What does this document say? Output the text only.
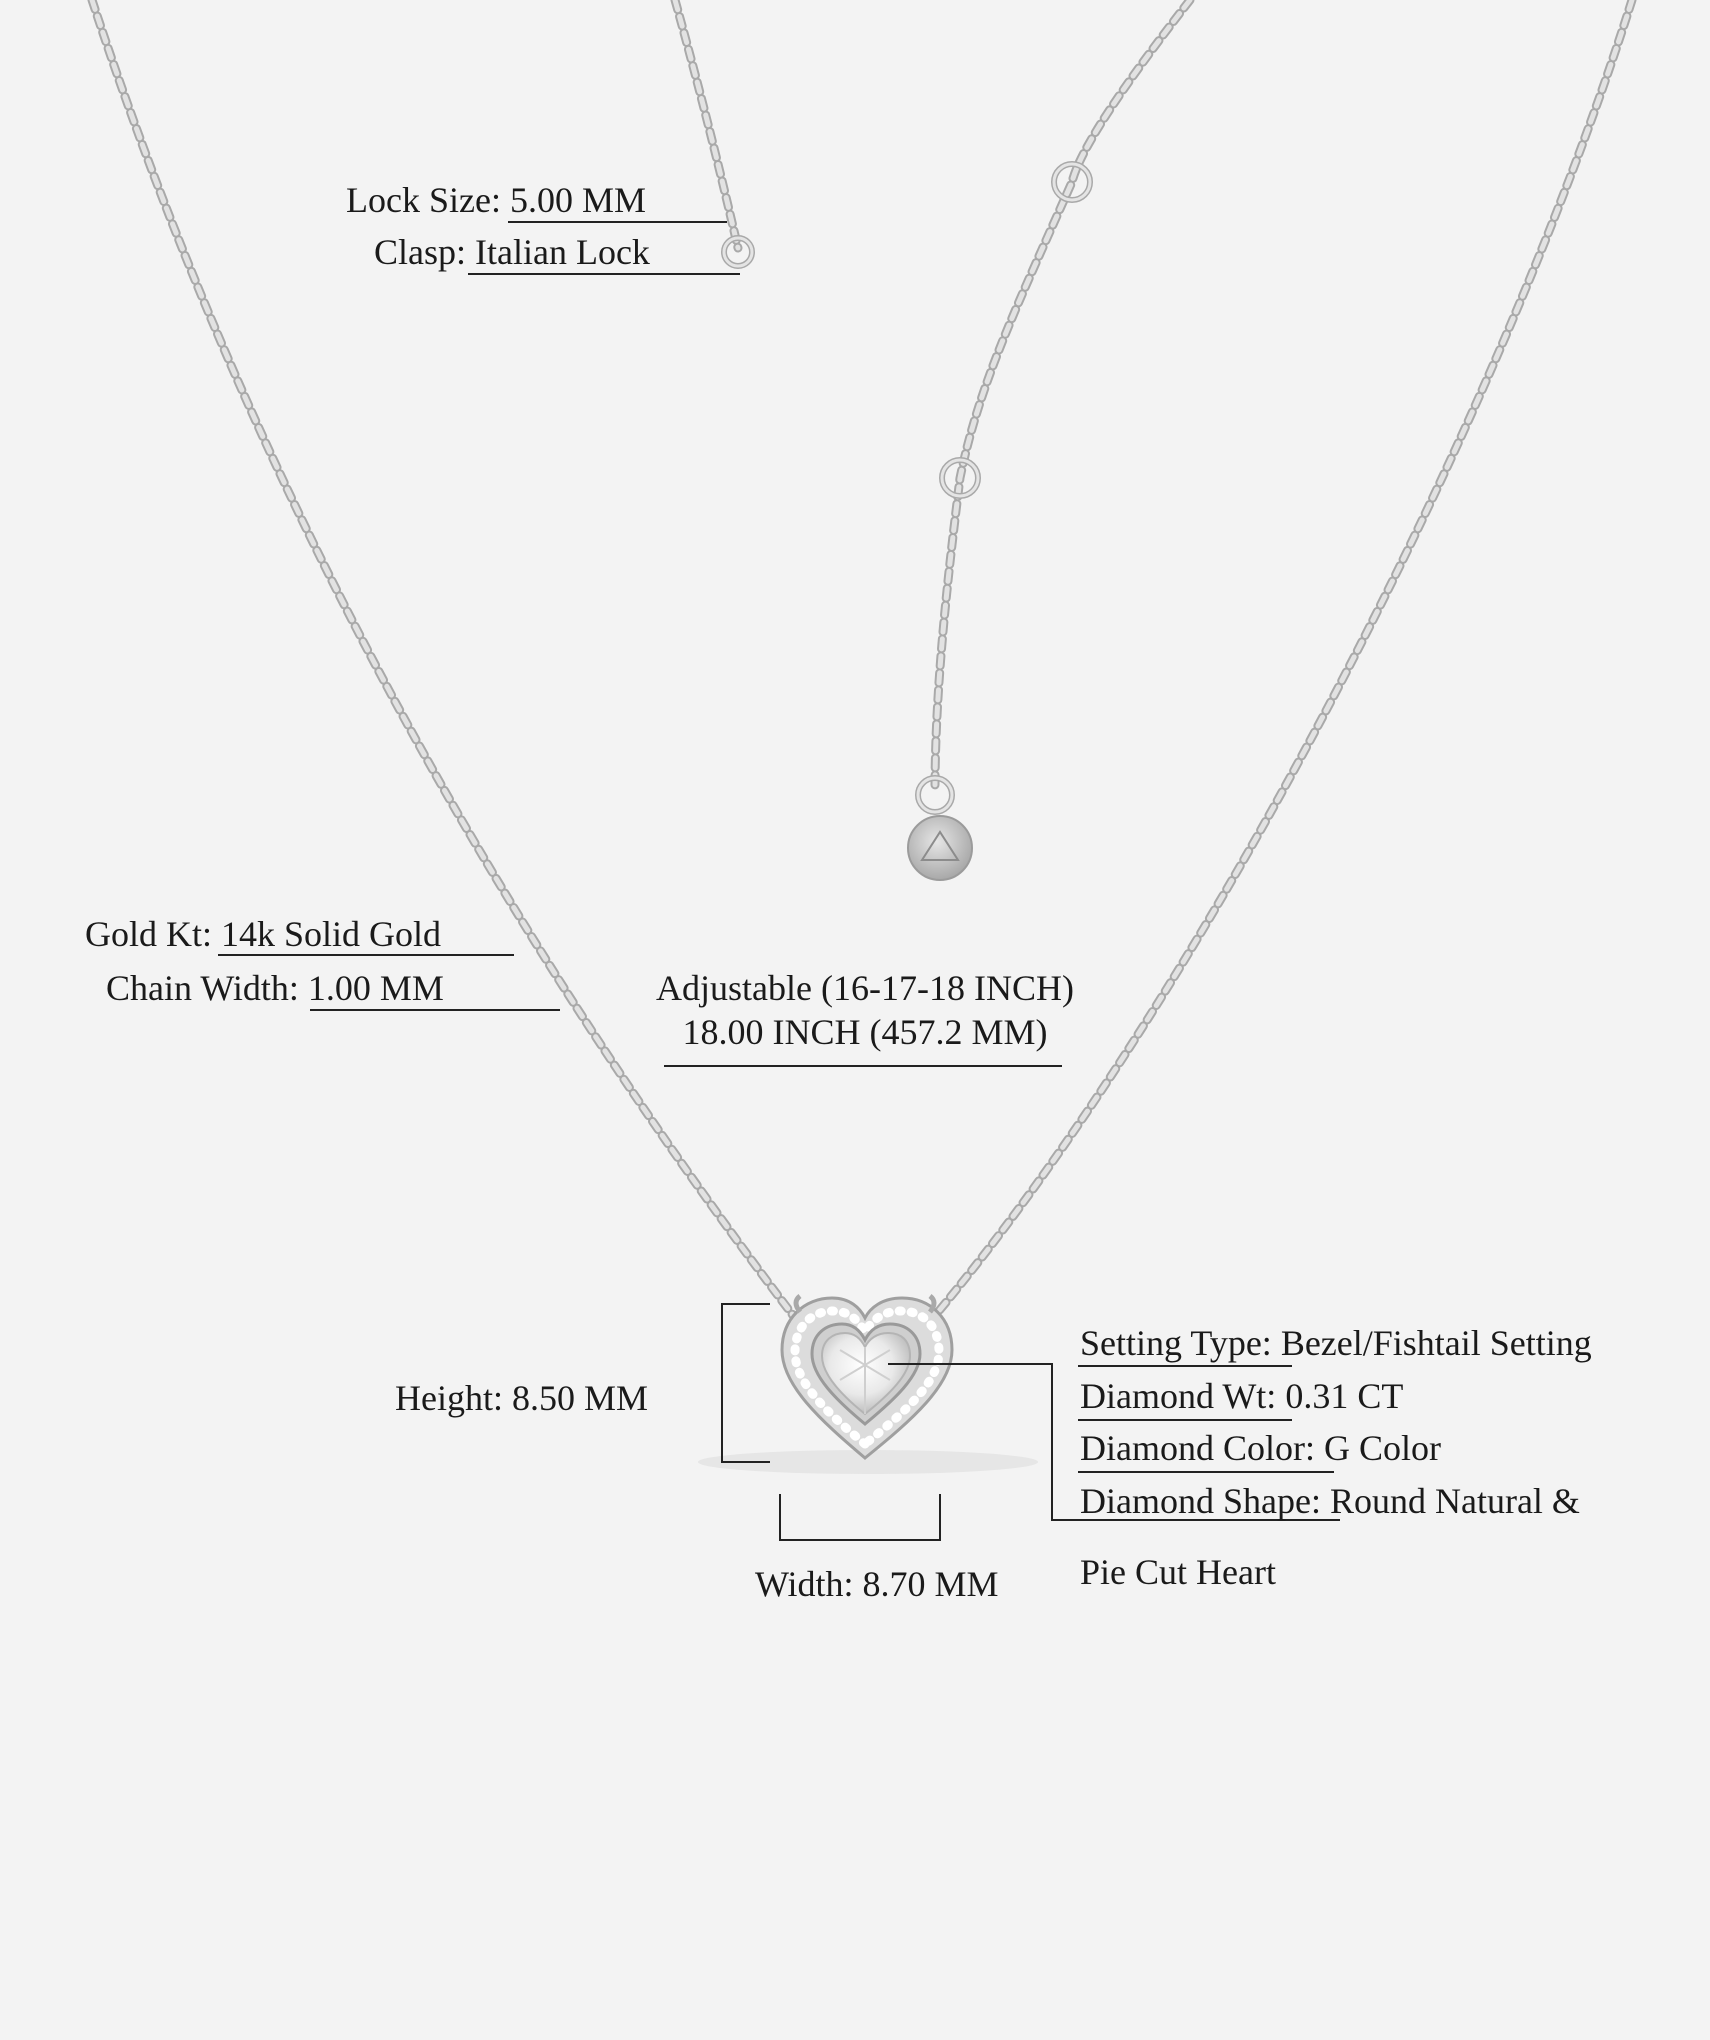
Lock Size: 5.00 MM
Clasp: Italian Lock
Gold Kt: 14k Solid Gold
Chain Width: 1.00 MM	Adjustable (16-17-18 INCH)
18.00 INCH (457.2 MM)
Height: 8.50 MM
Width: 8.70 MM
Setting Type: Bezel/Fishtail Setting
Diamond Wt: 0.31 CT
Diamond Color: G Color
Diamond Shape: Round Natural &
Pie Cut Heart
